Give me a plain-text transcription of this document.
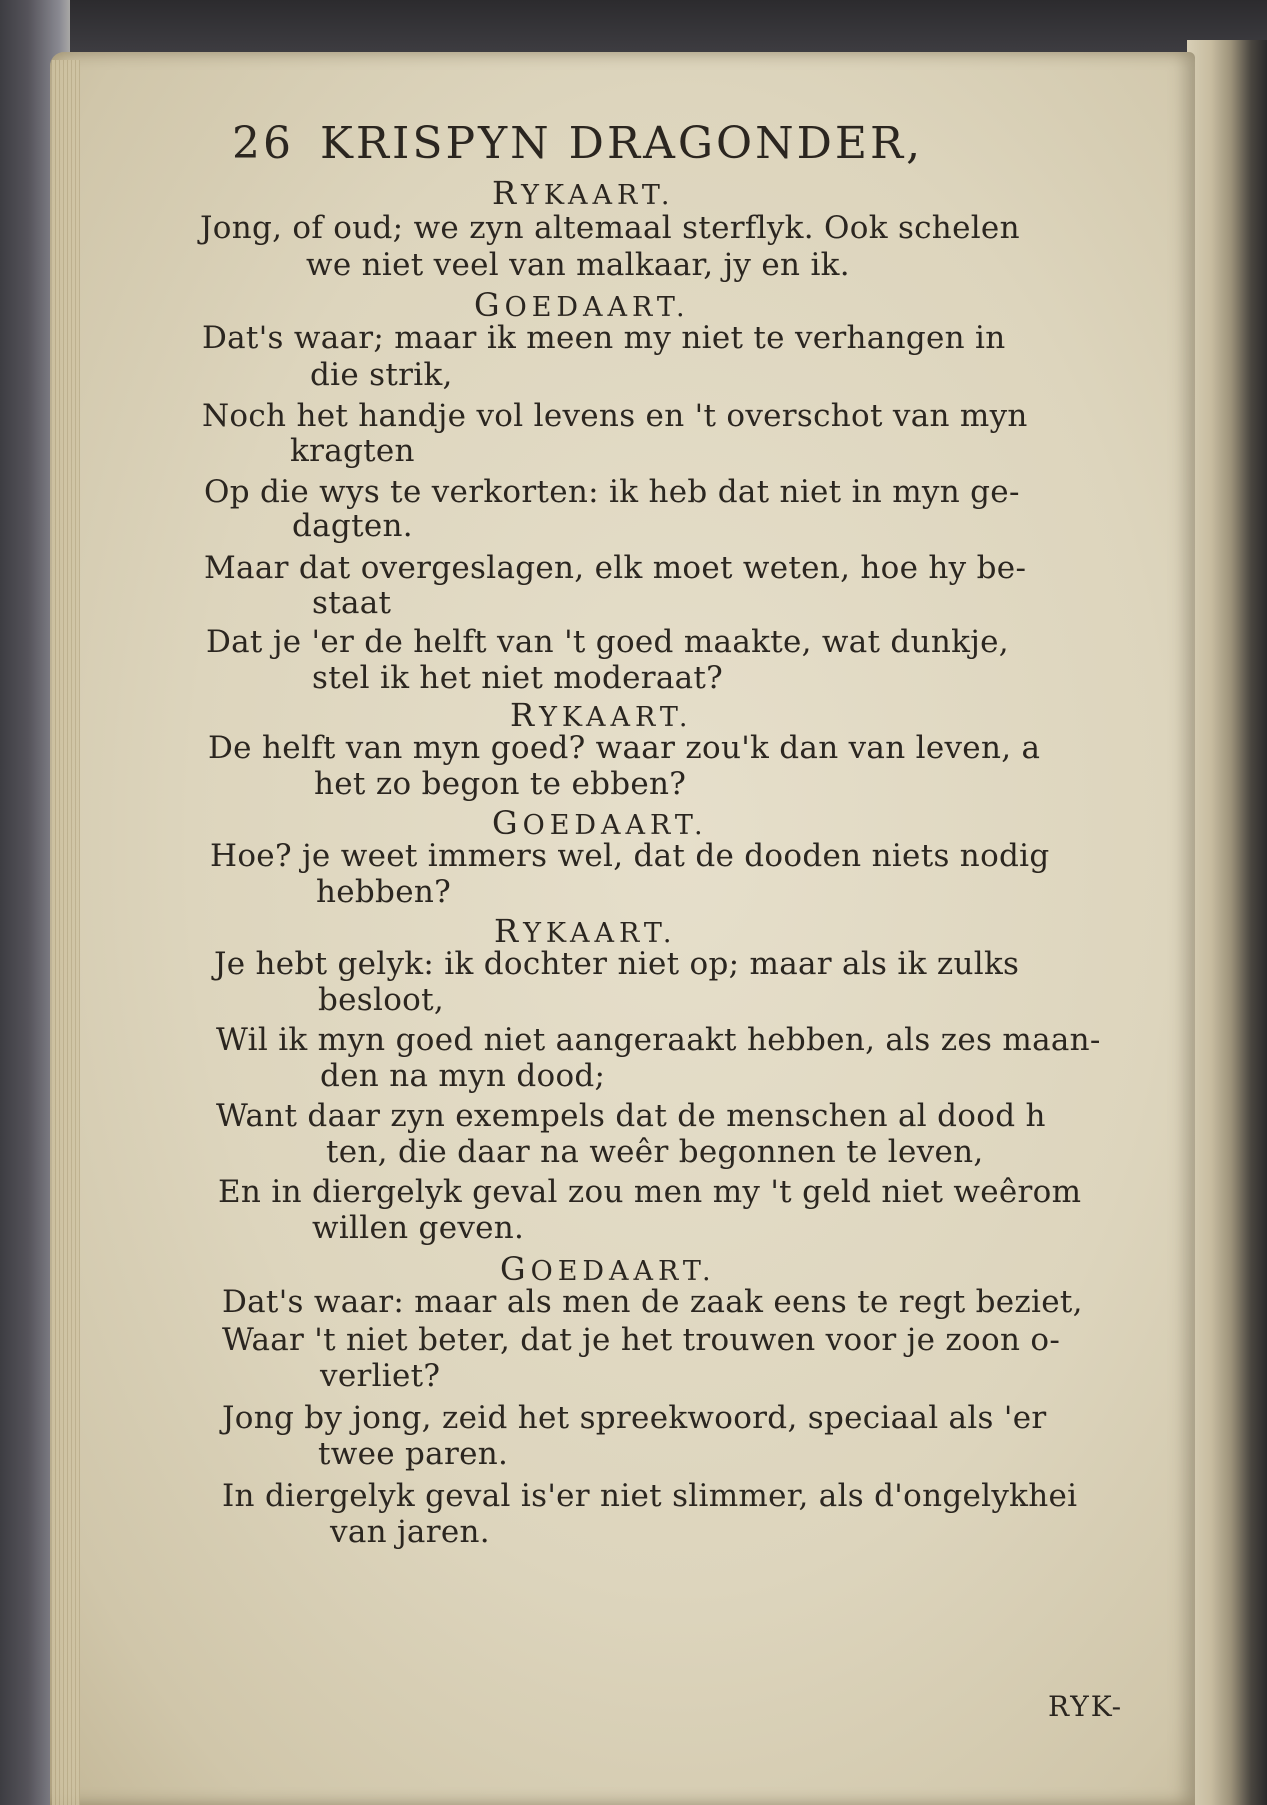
26 KRISPYN DRAGONDER,
RYKAART.
Jong, of oud; we zyn altemaal sterflyk. Ook schelen
we niet veel van malkaar, jy en ik.
GOEDAART.
Dat's waar; maar ik meen my niet te verhangen in
die strik,
Noch het handje vol levens en 't overschot van myn
kragten
Op die wys te verkorten: ik heb dat niet in myn ge-
dagten.
Maar dat overgeslagen, elk moet weten, hoe hy be-
staat
Dat je 'er de helft van 't goed maakte, wat dunkje,
stel ik het niet moderaat?
RYKAART.
De helft van myn goed? waar zou'k dan van leven, a
het zo begon te ebben?
GOEDAART.
Hoe? je weet immers wel, dat de dooden niets nodig
hebben?
RYKAART.
Je hebt gelyk: ik dochter niet op; maar als ik zulks
besloot,
Wil ik myn goed niet aangeraakt hebben, als zes maan-
den na myn dood;
Want daar zyn exempels dat de menschen al dood h
ten, die daar na weêr begonnen te leven,
En in diergelyk geval zou men my 't geld niet weêrom
willen geven.
GOEDAART.
Dat's waar: maar als men de zaak eens te regt beziet,
Waar 't niet beter, dat je het trouwen voor je zoon o-
verliet?
Jong by jong, zeid het spreekwoord, speciaal als 'er
twee paren.
In diergelyk geval is'er niet slimmer, als d'ongelykhei
van jaren.
RYK-
